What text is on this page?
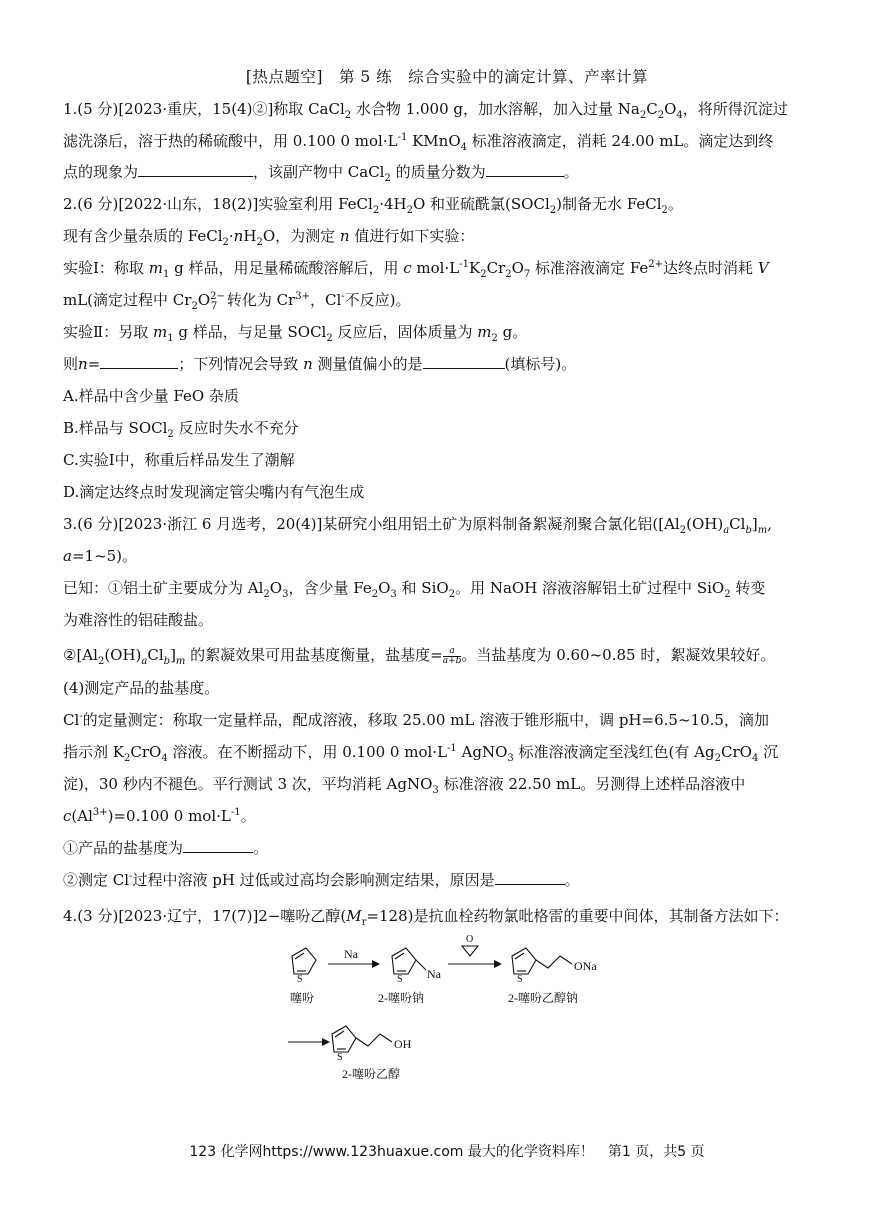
[热点题空]　第 5 练　综合实验中的滴定计算、产率计算
1.(5 分)[2023·重庆，15(4)②]称取 CaCl$_2$ 水合物 1.000 g，加水溶解，加入过量 $Na_2C_2O_4$，将所得沉淀过
滤洗涤后，溶于热的稀硫酸中，用 0.100 0 $mol\cdot L^{-1}$ KMnO$_4$ 标准溶液滴定，消耗 24.00 mL。滴定达到终
点的现象为	，该副产物中 CaCl$_2$ 的质量分数为	。
2.(6 分)[2022·山东，18(2)]实验室利用 $FeCl_2\cdot 4H_2O$ 和亚硫酰氯(SOCl$_2$)制备无水 FeCl$_2$。
现有含少量杂质的 $FeCl_2\cdot nH_2O$，为测定 n 值进行如下实验：
实验Ⅰ：称取 $m_1$ g 样品，用足量稀硫酸溶解后，用 c $mol\cdot L^{-1}K_2Cr_2O_7$ 标准溶液滴定 $Fe^{2+}$达终点时消耗 V
mL(滴定过程中 $Cr_2O^{2-}_7$ 转化为 $Cr^{3+}$，Cl-不反应)。
实验Ⅱ：另取 $m_1$ g 样品，与足量 SOCl$_2$ 反应后，固体质量为 $m_2$ g。
则n=	；下列情况会导致 n 测量值偏小的是	(填标号)。
A.样品中含少量 FeO 杂质
B.样品与 SOCl$_2$ 反应时失水不充分
C.实验Ⅰ中，称重后样品发生了潮解
D.滴定达终点时发现滴定管尖嘴内有气泡生成
3.(6 分)[2023·浙江 6 月选考，20(4)]某研究小组用铝土矿为原料制备絮凝剂聚合氯化铝($[Al_2(OH)_aCl_b]_m$,
a=1~5)。
已知：①铝土矿主要成分为 $Al_2O_3$，含少量 $Fe_2O_3$ 和 SiO$_2$。用 NaOH 溶液溶解铝土矿过程中 SiO$_2$ 转变
为难溶性的铝硅酸盐。
$②[Al_2(OH)_aCl_b]_m$ 的絮凝效果可用盐基度衡量，盐基度= $\frac{a}{a+b}$ 。当盐基度为 0.60~0.85 时，絮凝效果较好。
(4)测定产品的盐基度。
Cl-的定量测定：称取一定量样品，配成溶液，移取 25.00 mL 溶液于锥形瓶中，调 pH=6.5~10.5，滴加
指示剂 $K_2CrO_4$ 溶液。在不断摇动下，用 0.100 0 $mol\cdot L^{-1}$ AgNO$_3$ 标准溶液滴定至浅红色(有 $Ag_2CrO_4$ 沉
淀)，30 秒内不褪色。平行测试 3 次，平均消耗 AgNO$_3$ 标准溶液 22.50 mL。另测得上述样品溶液中
$c(Al^{3+})=0.100$ 0 $mol\cdot L^{-1}$。
①产品的盐基度为	。
②测定 Cl-过程中溶液 pH 过低或过高均会影响测定结果，原因是	。
4.(3 分)[2023·辽宁，17(7)]2−噻吩乙醇$(M_r=128)$是抗血栓药物氯吡格雷的重要中间体，其制备方法如下：
S
噻吩
Na
S Na
2-噻吩钠
O
S
ONa
2-噻吩乙醇钠
S
OH
2-噻吩乙醇
123 化学网https://www.123huaxue.com 最大的化学资料库！　第1 页，共5 页
